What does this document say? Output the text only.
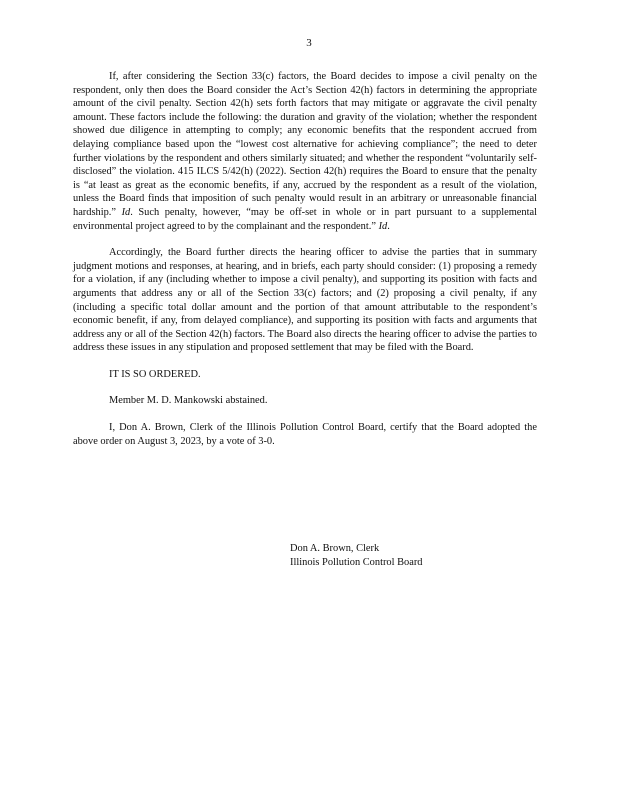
3

If, after considering the Section 33(c) factors, the Board decides to impose a civil penalty on the respondent, only then does the Board consider the Act’s Section 42(h) factors in determining the appropriate amount of the civil penalty. Section 42(h) sets forth factors that may mitigate or aggravate the civil penalty amount. These factors include the following: the duration and gravity of the violation; whether the respondent showed due diligence in attempting to comply; any economic benefits that the respondent accrued from delaying compliance based upon the “lowest cost alternative for achieving compliance”; the need to deter further violations by the respondent and others similarly situated; and whether the respondent “voluntarily self-disclosed” the violation. 415 ILCS 5/42(h) (2022). Section 42(h) requires the Board to ensure that the penalty is “at least as great as the economic benefits, if any, accrued by the respondent as a result of the violation, unless the Board finds that imposition of such penalty would result in an arbitrary or unreasonable financial hardship.” Id. Such penalty, however, “may be off-set in whole or in part pursuant to a supplemental environmental project agreed to by the complainant and the respondent.” Id.

Accordingly, the Board further directs the hearing officer to advise the parties that in summary judgment motions and responses, at hearing, and in briefs, each party should consider: (1) proposing a remedy for a violation, if any (including whether to impose a civil penalty), and supporting its position with facts and arguments that address any or all of the Section 33(c) factors; and (2) proposing a civil penalty, if any (including a specific total dollar amount and the portion of that amount attributable to the respondent’s economic benefit, if any, from delayed compliance), and supporting its position with facts and arguments that address any or all of the Section 42(h) factors. The Board also directs the hearing officer to advise the parties to address these issues in any stipulation and proposed settlement that may be filed with the Board.

IT IS SO ORDERED.

Member M. D. Mankowski abstained.

I, Don A. Brown, Clerk of the Illinois Pollution Control Board, certify that the Board adopted the above order on August 3, 2023, by a vote of 3-0.

Don A. Brown, Clerk
Illinois Pollution Control Board
